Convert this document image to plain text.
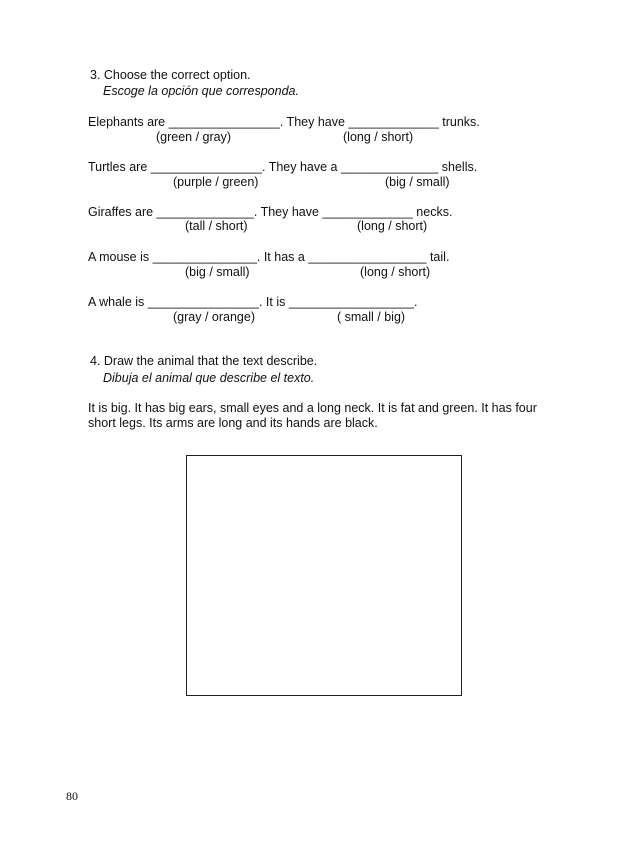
3. Choose the correct option.
Escoge la opción que corresponda.
Elephants are ________________. They have _____________ trunks.
(green / gray)	(long / short)
Turtles are ________________. They have a ______________ shells.
(purple / green)	(big / small)
Giraffes are ______________. They have _____________ necks.
(tall / short)	(long / short)
A mouse is _______________. It has a _________________ tail.
(big / small)	(long / short)
A whale is ________________. It is __________________.
(gray / orange)	( small / big)
4. Draw the animal that the text describe.
Dibuja el animal que describe el texto.
It is big. It has big ears, small eyes and a long neck. It is fat and green. It has four
short legs. Its arms are long and its hands are black.
80
